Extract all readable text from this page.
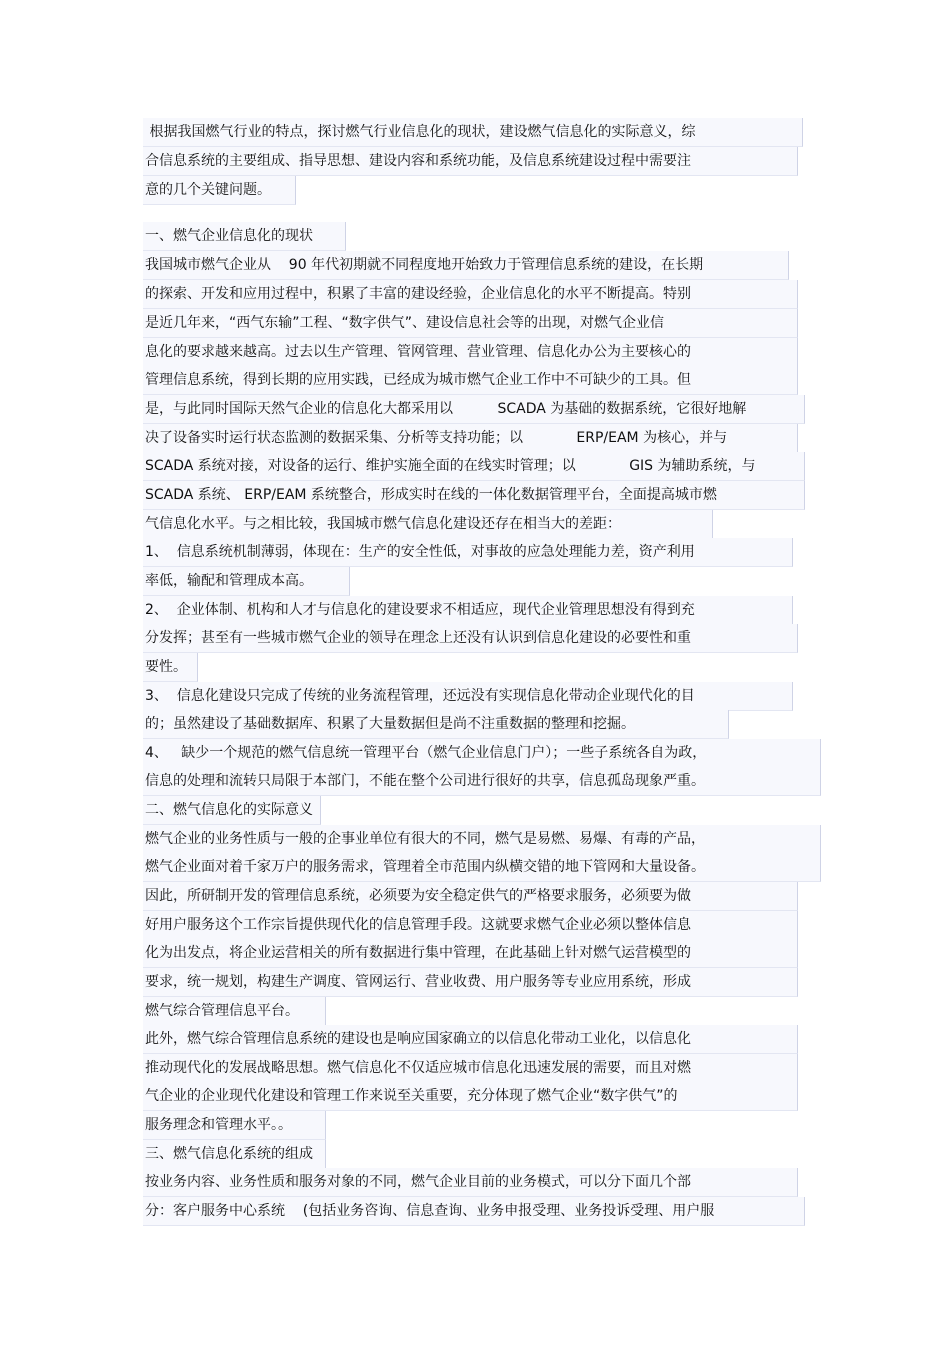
根据我国燃气行业的特点，探讨燃气行业信息化的现状，建设燃气信息化的实际意义，综
合信息系统的主要组成、指导思想、建设内容和系统功能，及信息系统建设过程中需要注
意的几个关键问题。
一、燃气企业信息化的现状
我国城市燃气企业从    90 年代初期就不同程度地开始致力于管理信息系统的建设，在长期
的探索、开发和应用过程中，积累了丰富的建设经验，企业信息化的水平不断提高。特别
是近几年来，“西气东输”工程、“数字供气”、建设信息社会等的出现，对燃气企业信
息化的要求越来越高。过去以生产管理、管网管理、营业管理、信息化办公为主要核心的
管理信息系统，得到长期的应用实践，已经成为城市燃气企业工作中不可缺少的工具。但
是，与此同时国际天然气企业的信息化大都采用以          SCADA 为基础的数据系统，它很好地解
决了设备实时运行状态监测的数据采集、分析等支持功能；以            ERP/EAM 为核心，并与
SCADA 系统对接，对设备的运行、维护实施全面的在线实时管理；以            GIS 为辅助系统，与
SCADA 系统、 ERP/EAM 系统整合，形成实时在线的一体化数据管理平台，全面提高城市燃
气信息化水平。与之相比较，我国城市燃气信息化建设还存在相当大的差距：
1、  信息系统机制薄弱，体现在：生产的安全性低，对事故的应急处理能力差，资产利用
率低，输配和管理成本高。
2、  企业体制、机构和人才与信息化的建设要求不相适应，现代企业管理思想没有得到充
分发挥；甚至有一些城市燃气企业的领导在理念上还没有认识到信息化建设的必要性和重
要性。
3、  信息化建设只完成了传统的业务流程管理，还远没有实现信息化带动企业现代化的目
的；虽然建设了基础数据库、积累了大量数据但是尚不注重数据的整理和挖掘。
4、   缺少一个规范的燃气信息统一管理平台（燃气企业信息门户）；一些子系统各自为政，
信息的处理和流转只局限于本部门，不能在整个公司进行很好的共享，信息孤岛现象严重。
二、燃气信息化的实际意义
燃气企业的业务性质与一般的企事业单位有很大的不同，燃气是易燃、易爆、有毒的产品，
燃气企业面对着千家万户的服务需求，管理着全市范围内纵横交错的地下管网和大量设备。
因此，所研制开发的管理信息系统，必须要为安全稳定供气的严格要求服务，必须要为做
好用户服务这个工作宗旨提供现代化的信息管理手段。这就要求燃气企业必须以整体信息
化为出发点，将企业运营相关的所有数据进行集中管理，在此基础上针对燃气运营模型的
要求，统一规划，构建生产调度、管网运行、营业收费、用户服务等专业应用系统，形成
燃气综合管理信息平台。
此外，燃气综合管理信息系统的建设也是响应国家确立的以信息化带动工业化，以信息化
推动现代化的发展战略思想。燃气信息化不仅适应城市信息化迅速发展的需要，而且对燃
气企业的企业现代化建设和管理工作来说至关重要，充分体现了燃气企业“数字供气”的
服务理念和管理水平。。
三、燃气信息化系统的组成
按业务内容、业务性质和服务对象的不同，燃气企业目前的业务模式，可以分下面几个部
分：客户服务中心系统    (包括业务咨询、信息查询、业务申报受理、业务投诉受理、用户服
